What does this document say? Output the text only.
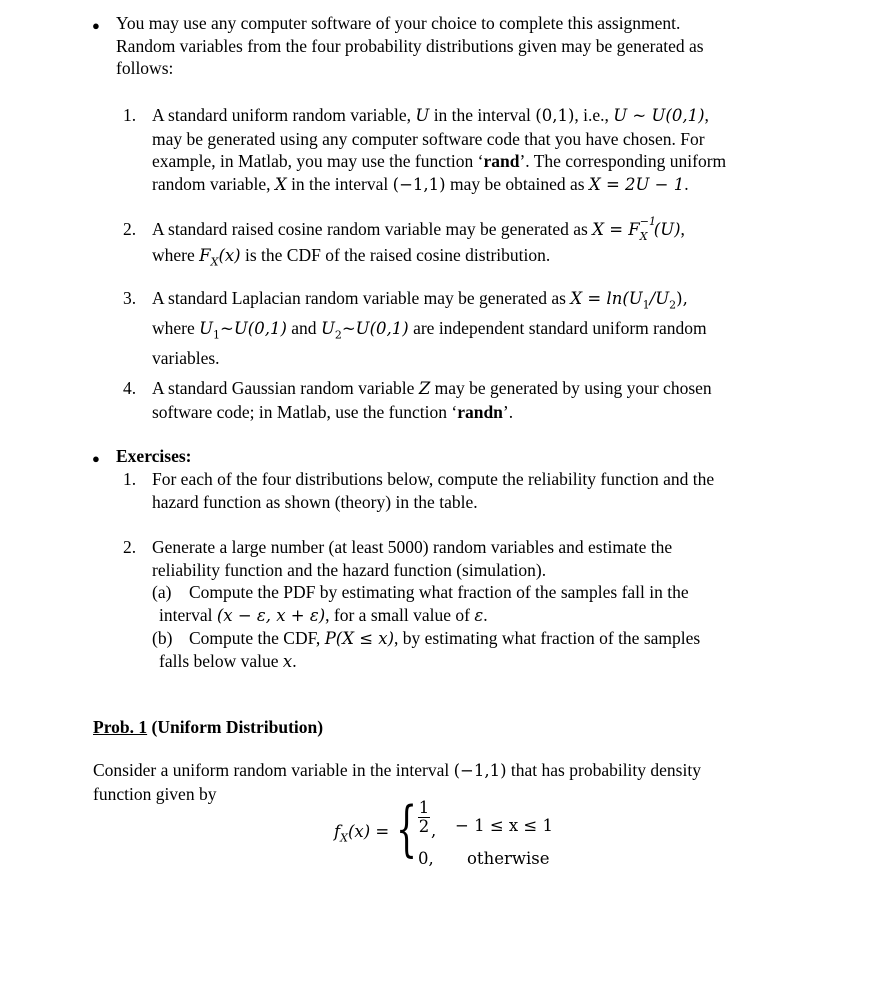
● You may use any computer software of your choice to complete this assignment.
Random variables from the four probability distributions given may be generated as
follows:
1. A standard uniform random variable, U in the interval (0,1), i.e., U ~ U(0,1),
may be generated using any computer software code that you have chosen. For
example, in Matlab, you may use the function ‘rand’. The corresponding uniform
random variable, X in the interval (−1,1) may be obtained as X = 2U − 1.
2. A standard raised cosine random variable may be generated as X = F −1
X (U),
where $F_X(x)$ is the CDF of the raised cosine distribution.
3. A standard Laplacian random variable may be generated as $X = \ln(U_1/U_2)$,
where $U_1\sim U(0,1)$ and $U_2\sim U(0,1)$ are independent standard uniform random
variables.
4. A standard Gaussian random variable Z may be generated by using your chosen
software code; in Matlab, use the function ‘randn’.
● Exercises:
1. For each of the four distributions below, compute the reliability function and the
hazard function as shown (theory) in the table.
2. Generate a large number (at least 5000) random variables and estimate the
reliability function and the hazard function (simulation).
(a) Compute the PDF by estimating what fraction of the samples fall in the
interval (x − ε, x + ε), for a small value of ε.
(b) Compute the CDF, P(X ≤ x), by estimating what fraction of the samples
falls below value x.
Prob. 1 (Uniform Distribution)
Consider a uniform random variable in the interval (−1,1) that has probability density
function given by
$f_X(x)$ = { $\frac{1}{2}$ , − 1 ≤ x ≤ 1
0, otherwise
